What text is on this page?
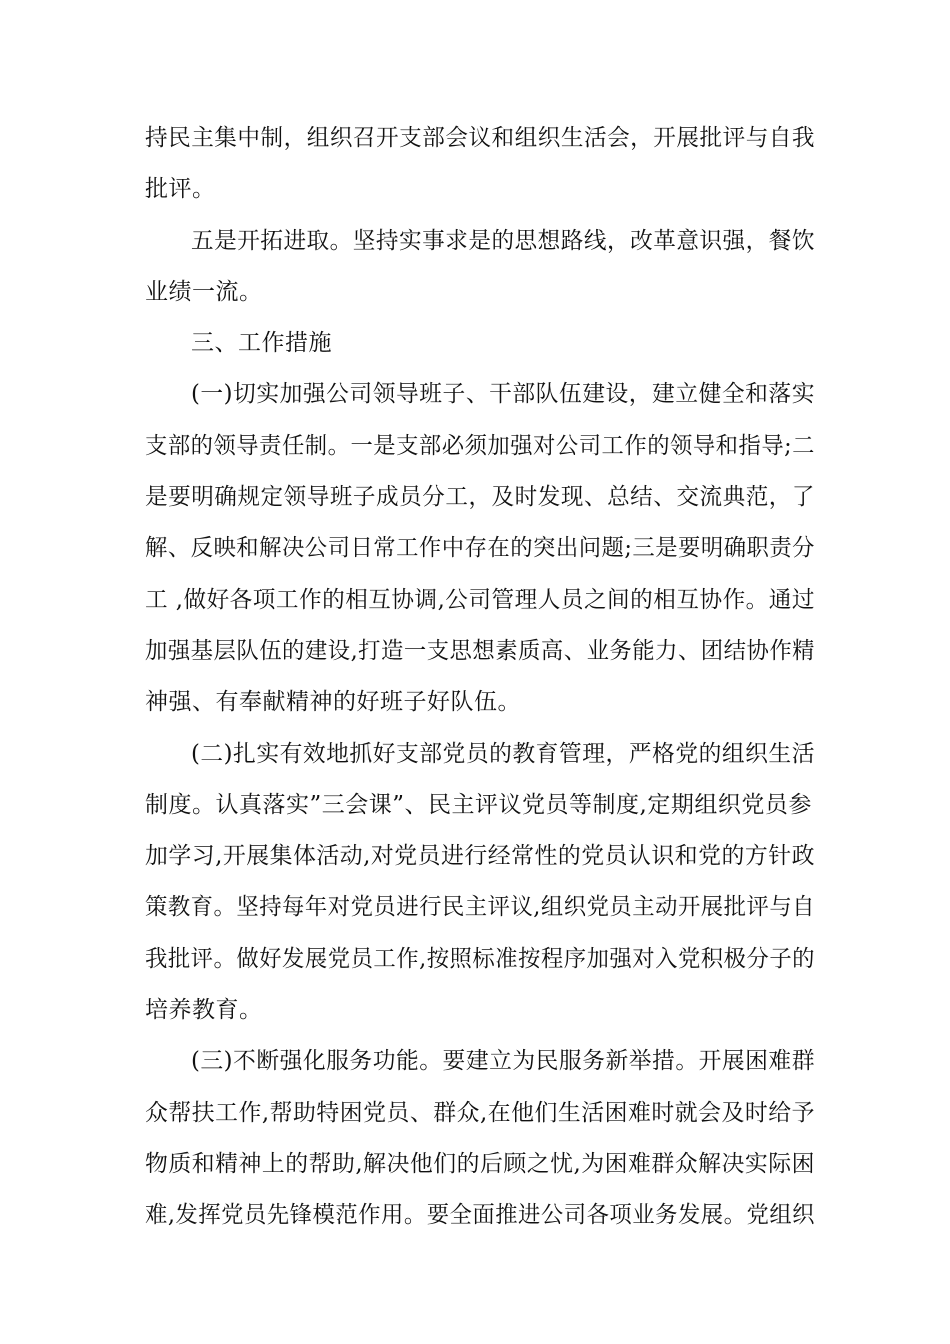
持民主集中制，组织召开支部会议和组织生活会，开展批评与自我
批评。
五是开拓进取。坚持实事求是的思想路线，改革意识强，餐饮
业绩一流。
三、工作措施
(一)切实加强公司领导班子、干部队伍建设，建立健全和落实
支部的领导责任制。一是支部必须加强对公司工作的领导和指导;二
是要明确规定领导班子成员分工，及时发现、总结、交流典范，了
解、反映和解决公司日常工作中存在的突出问题;三是要明确职责分
工 ,做好各项工作的相互协调,公司管理人员之间的相互协作。通过
加强基层队伍的建设,打造一支思想素质高、业务能力、团结协作精
神强、有奉献精神的好班子好队伍。
(二)扎实有效地抓好支部党员的教育管理，严格党的组织生活
制度。认真落实”三会课”、民主评议党员等制度,定期组织党员参
加学习,开展集体活动,对党员进行经常性的党员认识和党的方针政
策教育。坚持每年对党员进行民主评议,组织党员主动开展批评与自
我批评。做好发展党员工作,按照标准按程序加强对入党积极分子的
培养教育。
(三)不断强化服务功能。要建立为民服务新举措。开展困难群
众帮扶工作,帮助特困党员、群众,在他们生活困难时就会及时给予
物质和精神上的帮助,解决他们的后顾之忧,为困难群众解决实际困
难,发挥党员先锋模范作用。要全面推进公司各项业务发展。党组织
